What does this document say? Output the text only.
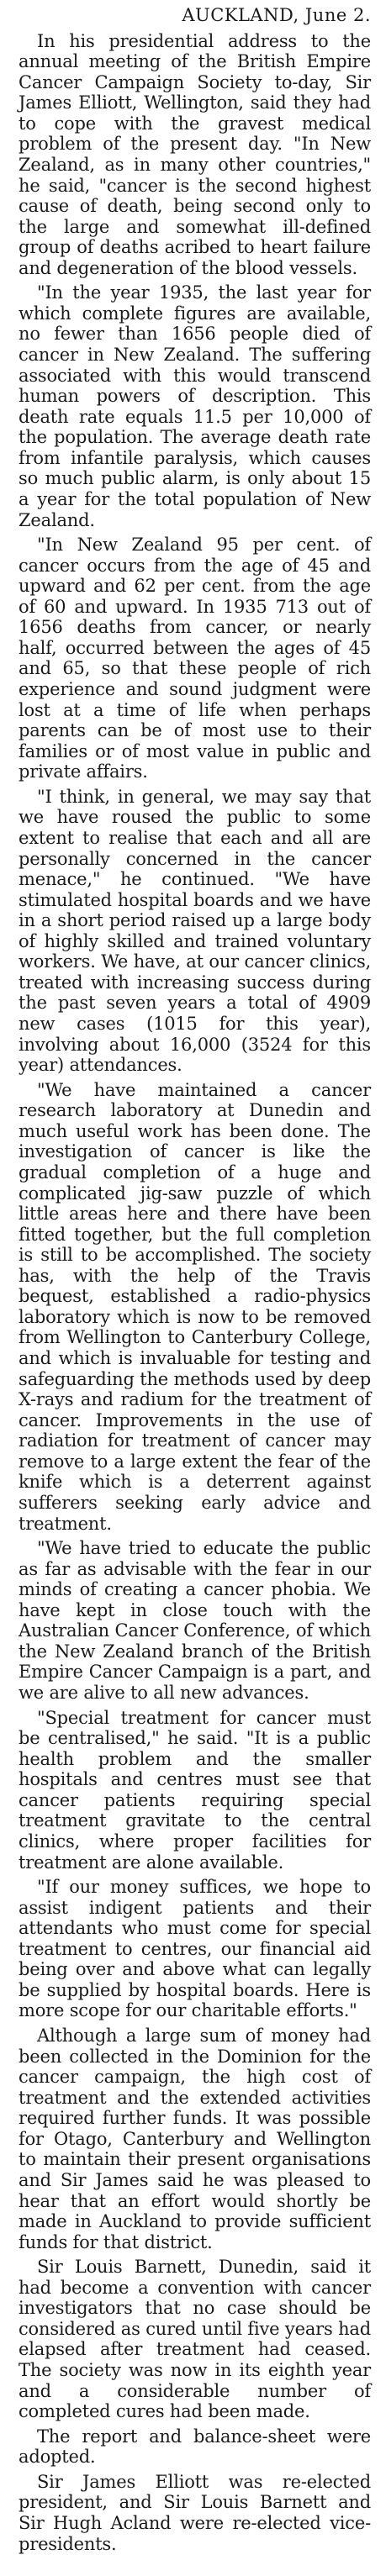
AUCKLAND, June 2.

In his presidential address to the annual meeting of the British Empire Cancer Campaign Society to-day, Sir James Elliott, Wellington, said they had to cope with the gravest medical problem of the present day. "In New Zealand, as in many other countries," he said, "cancer is the second highest cause of death, being second only to the large and somewhat ill-defined group of deaths acribed to heart failure and degeneration of the blood vessels.

"In the year 1935, the last year for which complete figures are available, no fewer than 1656 people died of cancer in New Zealand. The suffering associated with this would transcend human powers of description. This death rate equals 11.5 per 10,000 of the population. The average death rate from infantile paralysis, which causes so much public alarm, is only about 15 a year for the total population of New Zealand.

"In New Zealand 95 per cent. of cancer occurs from the age of 45 and upward and 62 per cent. from the age of 60 and upward. In 1935 713 out of 1656 deaths from cancer, or nearly half, occurred between the ages of 45 and 65, so that these people of rich experience and sound judgment were lost at a time of life when perhaps parents can be of most use to their families or of most value in public and private affairs.

"I think, in general, we may say that we have roused the public to some extent to realise that each and all are personally concerned in the cancer menace," he continued. "We have stimulated hospital boards and we have in a short period raised up a large body of highly skilled and trained voluntary workers. We have, at our cancer clinics, treated with increasing success during the past seven years a total of 4909 new cases (1015 for this year), involving about 16,000 (3524 for this year) attendances.

"We have maintained a cancer research laboratory at Dunedin and much useful work has been done. The investigation of cancer is like the gradual completion of a huge and complicated jig-saw puzzle of which little areas here and there have been fitted together, but the full completion is still to be accomplished. The society has, with the help of the Travis bequest, established a radio-physics laboratory which is now to be removed from Wellington to Canterbury College, and which is invaluable for testing and safeguarding the methods used by deep X-rays and radium for the treatment of cancer. Improvements in the use of radiation for treatment of cancer may remove to a large extent the fear of the knife which is a deterrent against sufferers seeking early advice and treatment.

"We have tried to educate the public as far as advisable with the fear in our minds of creating a cancer phobia. We have kept in close touch with the Australian Cancer Conference, of which the New Zealand branch of the British Empire Cancer Campaign is a part, and we are alive to all new advances.

"Special treatment for cancer must be centralised," he said. "It is a public health problem and the smaller hospitals and centres must see that cancer patients requiring special treatment gravitate to the central clinics, where proper facilities for treatment are alone available.

"If our money suffices, we hope to assist indigent patients and their attendants who must come for special treatment to centres, our financial aid being over and above what can legally be supplied by hospital boards. Here is more scope for our charitable efforts."

Although a large sum of money had been collected in the Dominion for the cancer campaign, the high cost of treatment and the extended activities required further funds. It was possible for Otago, Canterbury and Wellington to maintain their present organisations and Sir James said he was pleased to hear that an effort would shortly be made in Auckland to provide sufficient funds for that district.

Sir Louis Barnett, Dunedin, said it had become a convention with cancer investigators that no case should be considered as cured until five years had elapsed after treatment had ceased. The society was now in its eighth year and a considerable number of completed cures had been made.

The report and balance-sheet were adopted.

Sir James Elliott was re-elected president, and Sir Louis Barnett and Sir Hugh Acland were re-elected vice-presidents.
